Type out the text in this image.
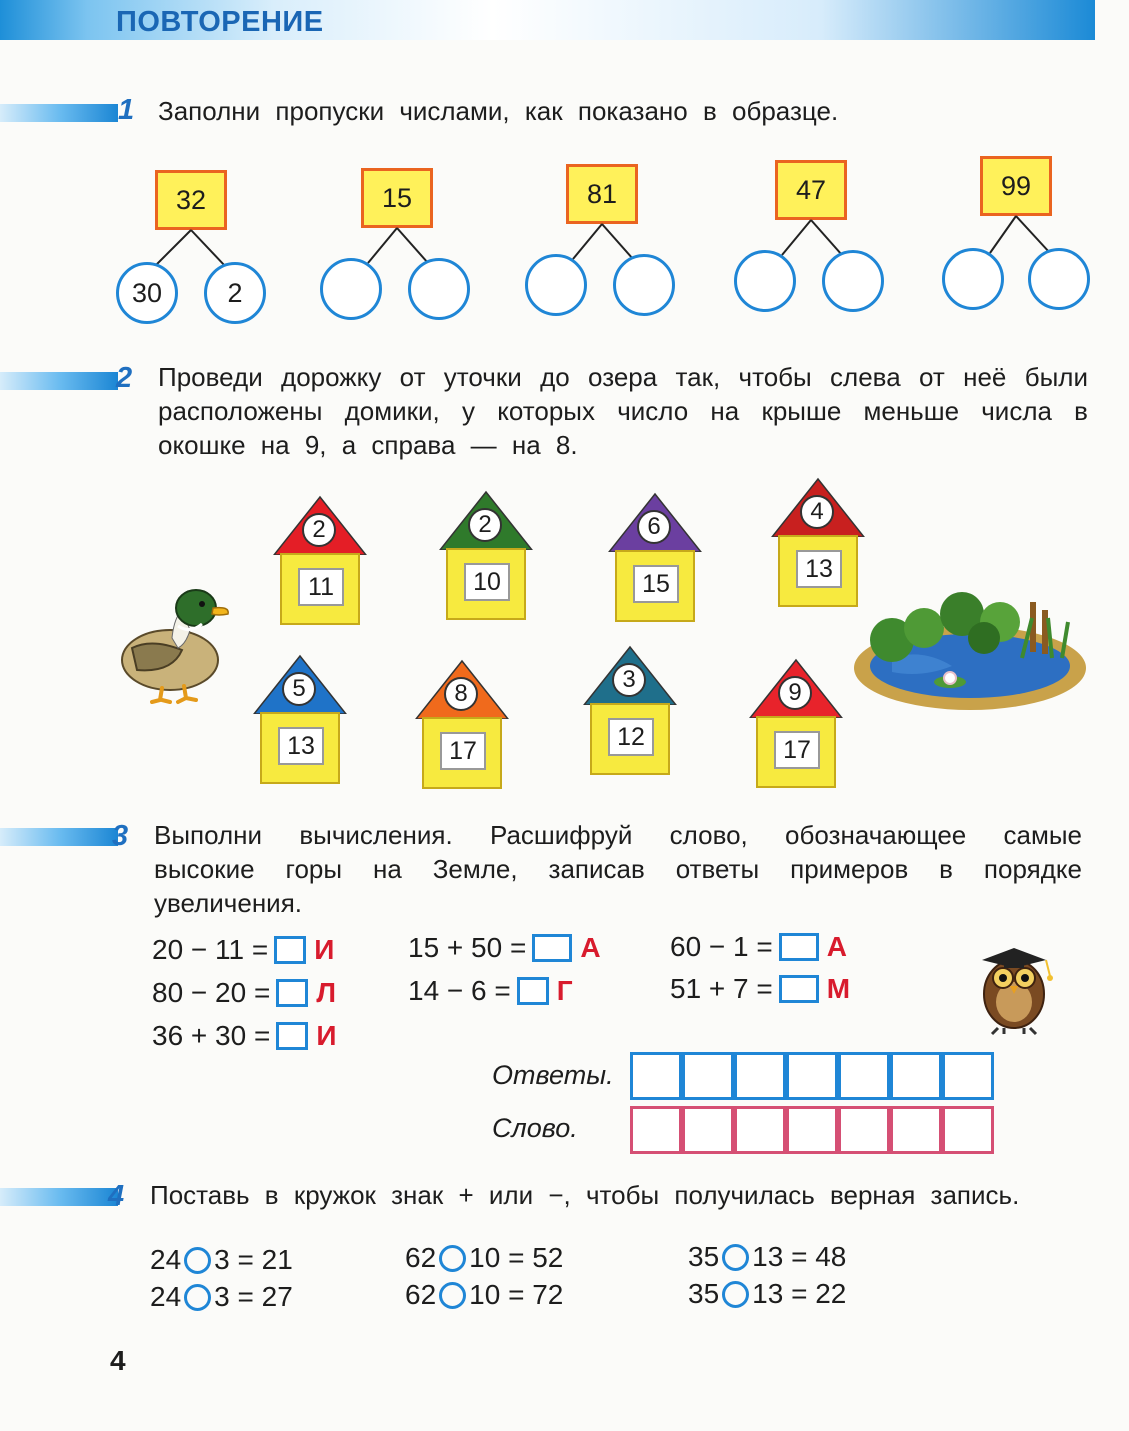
ПОВТОРЕНИЕ
1 Заполни пропуски числами, как показано в образце.
32
30	2
15	81	47	99
2 Проведи дорожку от уточки до озера так, чтобы слева от неё были расположены домики, у которых число на крыше меньше числа в окошке на 9, а справа — на 8.
2
11
2
10
6
15
4
13
5
13
8
17
3
12
9
17
3 Выполни вычисления. Расшифруй слово, обозначающее самые высокие горы на Земле, записав ответы примеров в порядке увеличения.
20 − 11 = И
80 − 20 = Л
36 + 30 = И
15 + 50 = А
14 − 6 = Г
60 − 1 = А
51 + 7 = М
Ответы.
Слово.
4 Поставь в кружок знак + или −, чтобы получилась верная запись.
24 3 = 21
24 3 = 27
62 10 = 52
62 10 = 72
35 13 = 48
35 13 = 22
4
